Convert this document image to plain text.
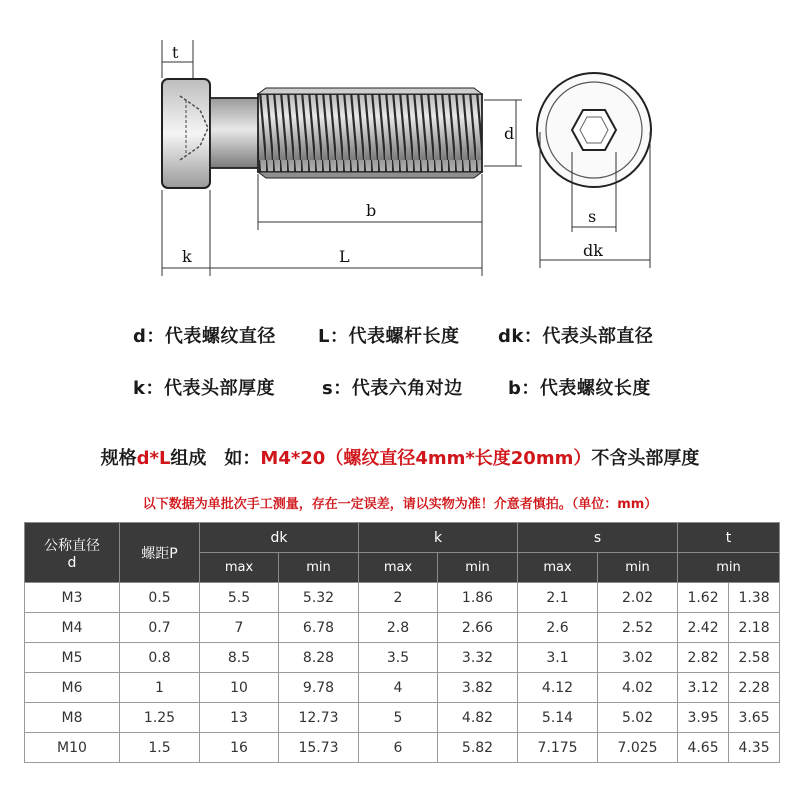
t
d
b
k	L
s
dk
d：代表螺纹直径 L：代表螺杆长度 dk：代表头部直径
k：代表头部厚度	s：代表六角对边	b：代表螺纹长度
规格d*L组成　如：M4*20（螺纹直径4mm*长度20mm）不含头部厚度
以下数据为单批次手工测量，存在一定误差，请以实物为准！介意者慎拍。（单位：mm）
公称直径
d	螺距P	dk		k		s		t	
		max	min	max	min	max	min	min	
M3	0.5	5.5	5.32	2	1.86	2.1	2.02	1.62	1.38
M4	0.7	7	6.78	2.8	2.66	2.6	2.52	2.42	2.18
M5	0.8	8.5	8.28	3.5	3.32	3.1	3.02	2.82	2.58
M6	1	10	9.78	4	3.82	4.12	4.02	3.12	2.28
M8	1.25	13	12.73	5	4.82	5.14	5.02	3.95	3.65
M10	1.5	16	15.73	6	5.82	7.175	7.025	4.65	4.35
